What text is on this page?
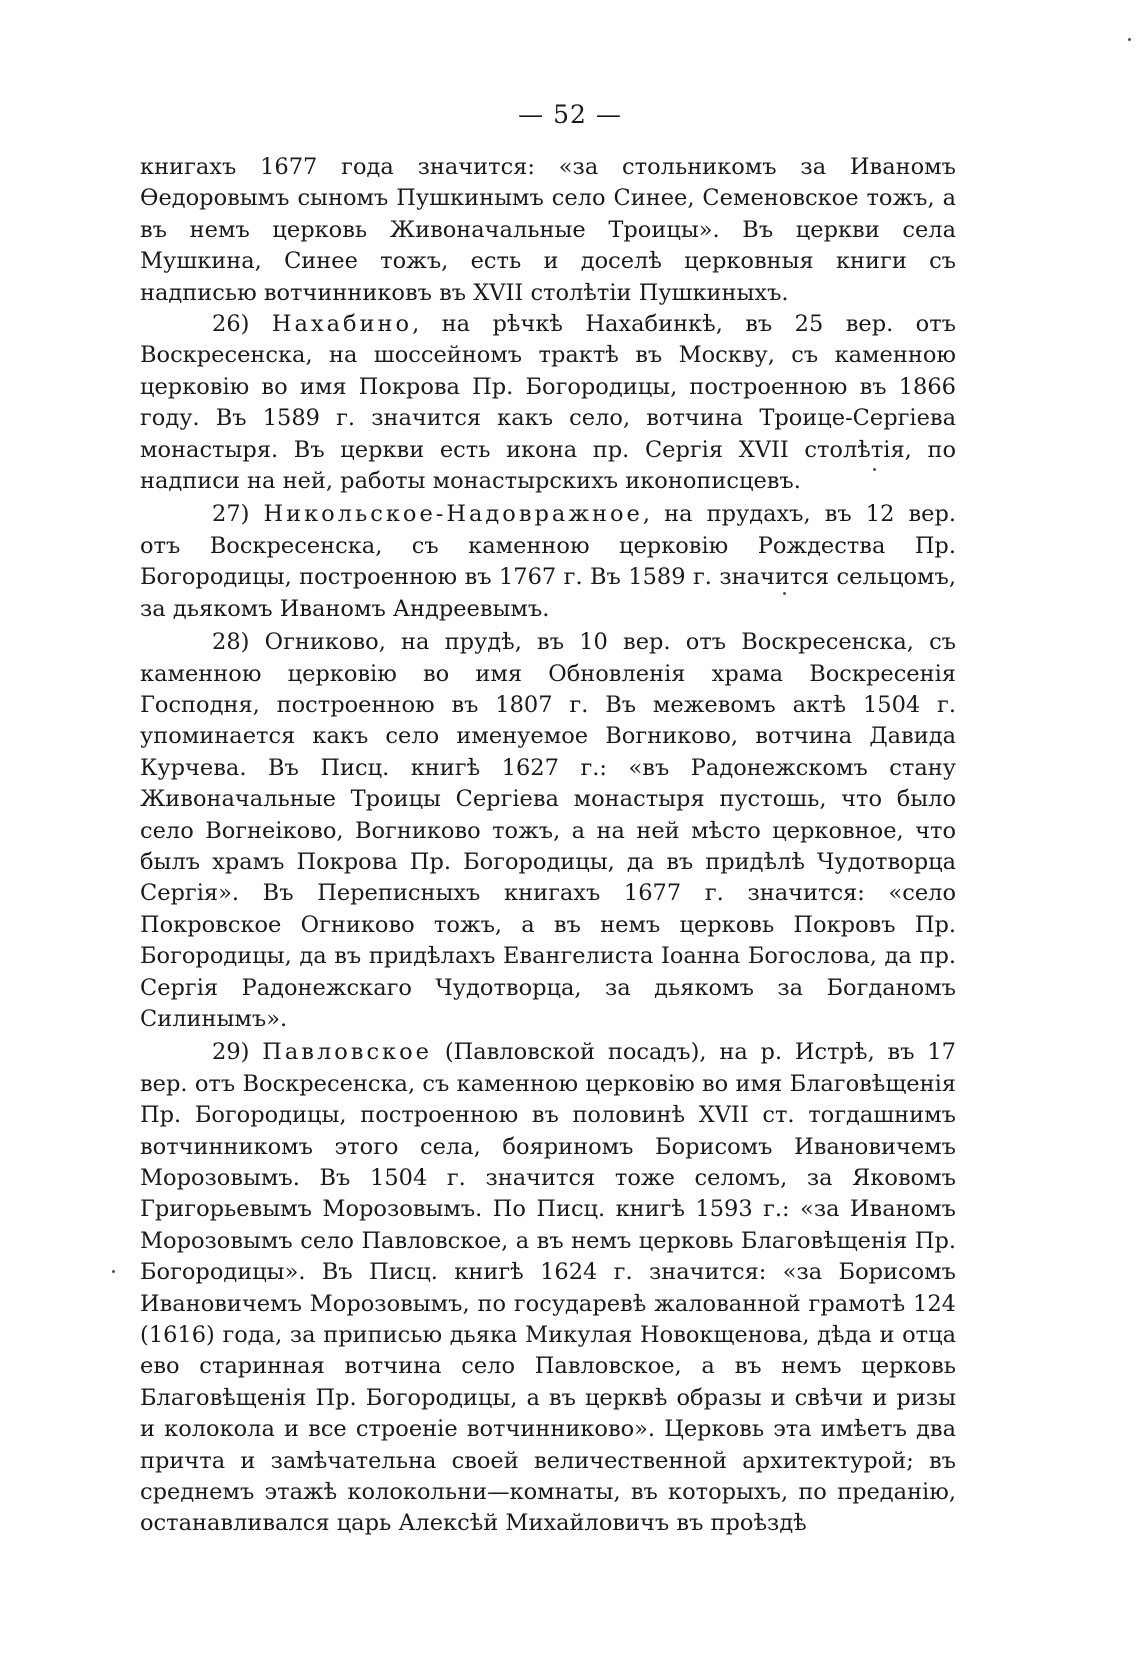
— 52 —

книгахъ 1677 года значится: «за стольникомъ за Иваномъ Өедоровымъ сыномъ Пушкинымъ село Синее, Семеновское тожъ, а въ немъ церковь Живоначальные Троицы». Въ церкви села Мушкина, Синее тожъ, есть и доселѣ церковныя книги съ надписью вотчинниковъ въ XVII столѣтіи Пушкиныхъ.

26) Нахабино, на рѣчкѣ Нахабинкѣ, въ 25 вер. отъ Воскресенска, на шоссейномъ трактѣ въ Москву, съ каменною церковію во имя Покрова Пр. Богородицы, построенною въ 1866 году. Въ 1589 г. значится какъ село, вотчина Троице-Сергіева монастыря. Въ церкви есть икона пр. Сергія XVII столѣтія, по надписи на ней, работы монастырскихъ иконописцевъ.

27) Никольское-Надовражное, на прудахъ, въ 12 вер. отъ Воскресенска, съ каменною церковію Рождества Пр. Богородицы, построенною въ 1767 г. Въ 1589 г. значится сельцомъ, за дьякомъ Иваномъ Андреевымъ.

28) Огниково, на прудѣ, въ 10 вер. отъ Воскресенска, съ каменною церковію во имя Обновленія храма Воскресенія Господня, построенною въ 1807 г. Въ межевомъ актѣ 1504 г. упоминается какъ село именуемое Вогниково, вотчина Давида Курчева. Въ Писц. книгѣ 1627 г.: «въ Радонежскомъ стану Живоначальные Троицы Сергіева монастыря пустошь, что было село Вогнеіково, Вогниково тожъ, а на ней мѣсто церковное, что былъ храмъ Покрова Пр. Богородицы, да въ придѣлѣ Чудотворца Сергія». Въ Переписныхъ книгахъ 1677 г. значится: «село Покровское Огниково тожъ, а въ немъ церковь Покровъ Пр. Богородицы, да въ придѣлахъ Евангелиста Іоанна Богослова, да пр. Сергія Радонежскаго Чудотворца, за дьякомъ за Богданомъ Силинымъ».

29) Павловское (Павловской посадъ), на р. Истрѣ, въ 17 вер. отъ Воскресенска, съ каменною церковію во имя Благовѣщенія Пр. Богородицы, построенною въ половинѣ XVII ст. тогдашнимъ вотчинникомъ этого села, бояриномъ Борисомъ Ивановичемъ Морозовымъ. Въ 1504 г. значится тоже селомъ, за Яковомъ Григорьевымъ Морозовымъ. По Писц. книгѣ 1593 г.: «за Иваномъ Морозовымъ село Павловское, а въ немъ церковь Благовѣщенія Пр. Богородицы». Въ Писц. книгѣ 1624 г. значится: «за Борисомъ Ивановичемъ Морозовымъ, по государевѣ жалованной грамотѣ 124 (1616) года, за приписью дьяка Микулая Новокщенова, дѣда и отца ево старинная вотчина село Павловское, а въ немъ церковь Благовѣщенія Пр. Богородицы, а въ церквѣ образы и свѣчи и ризы и колокола и все строеніе вотчинниково». Церковь эта имѣетъ два причта и замѣчательна своей величественной архитектурой; въ среднемъ этажѣ колокольни—комнаты, въ которыхъ, по преданію, останавливался царь Алексѣй Михайловичъ въ проѣздѣ
